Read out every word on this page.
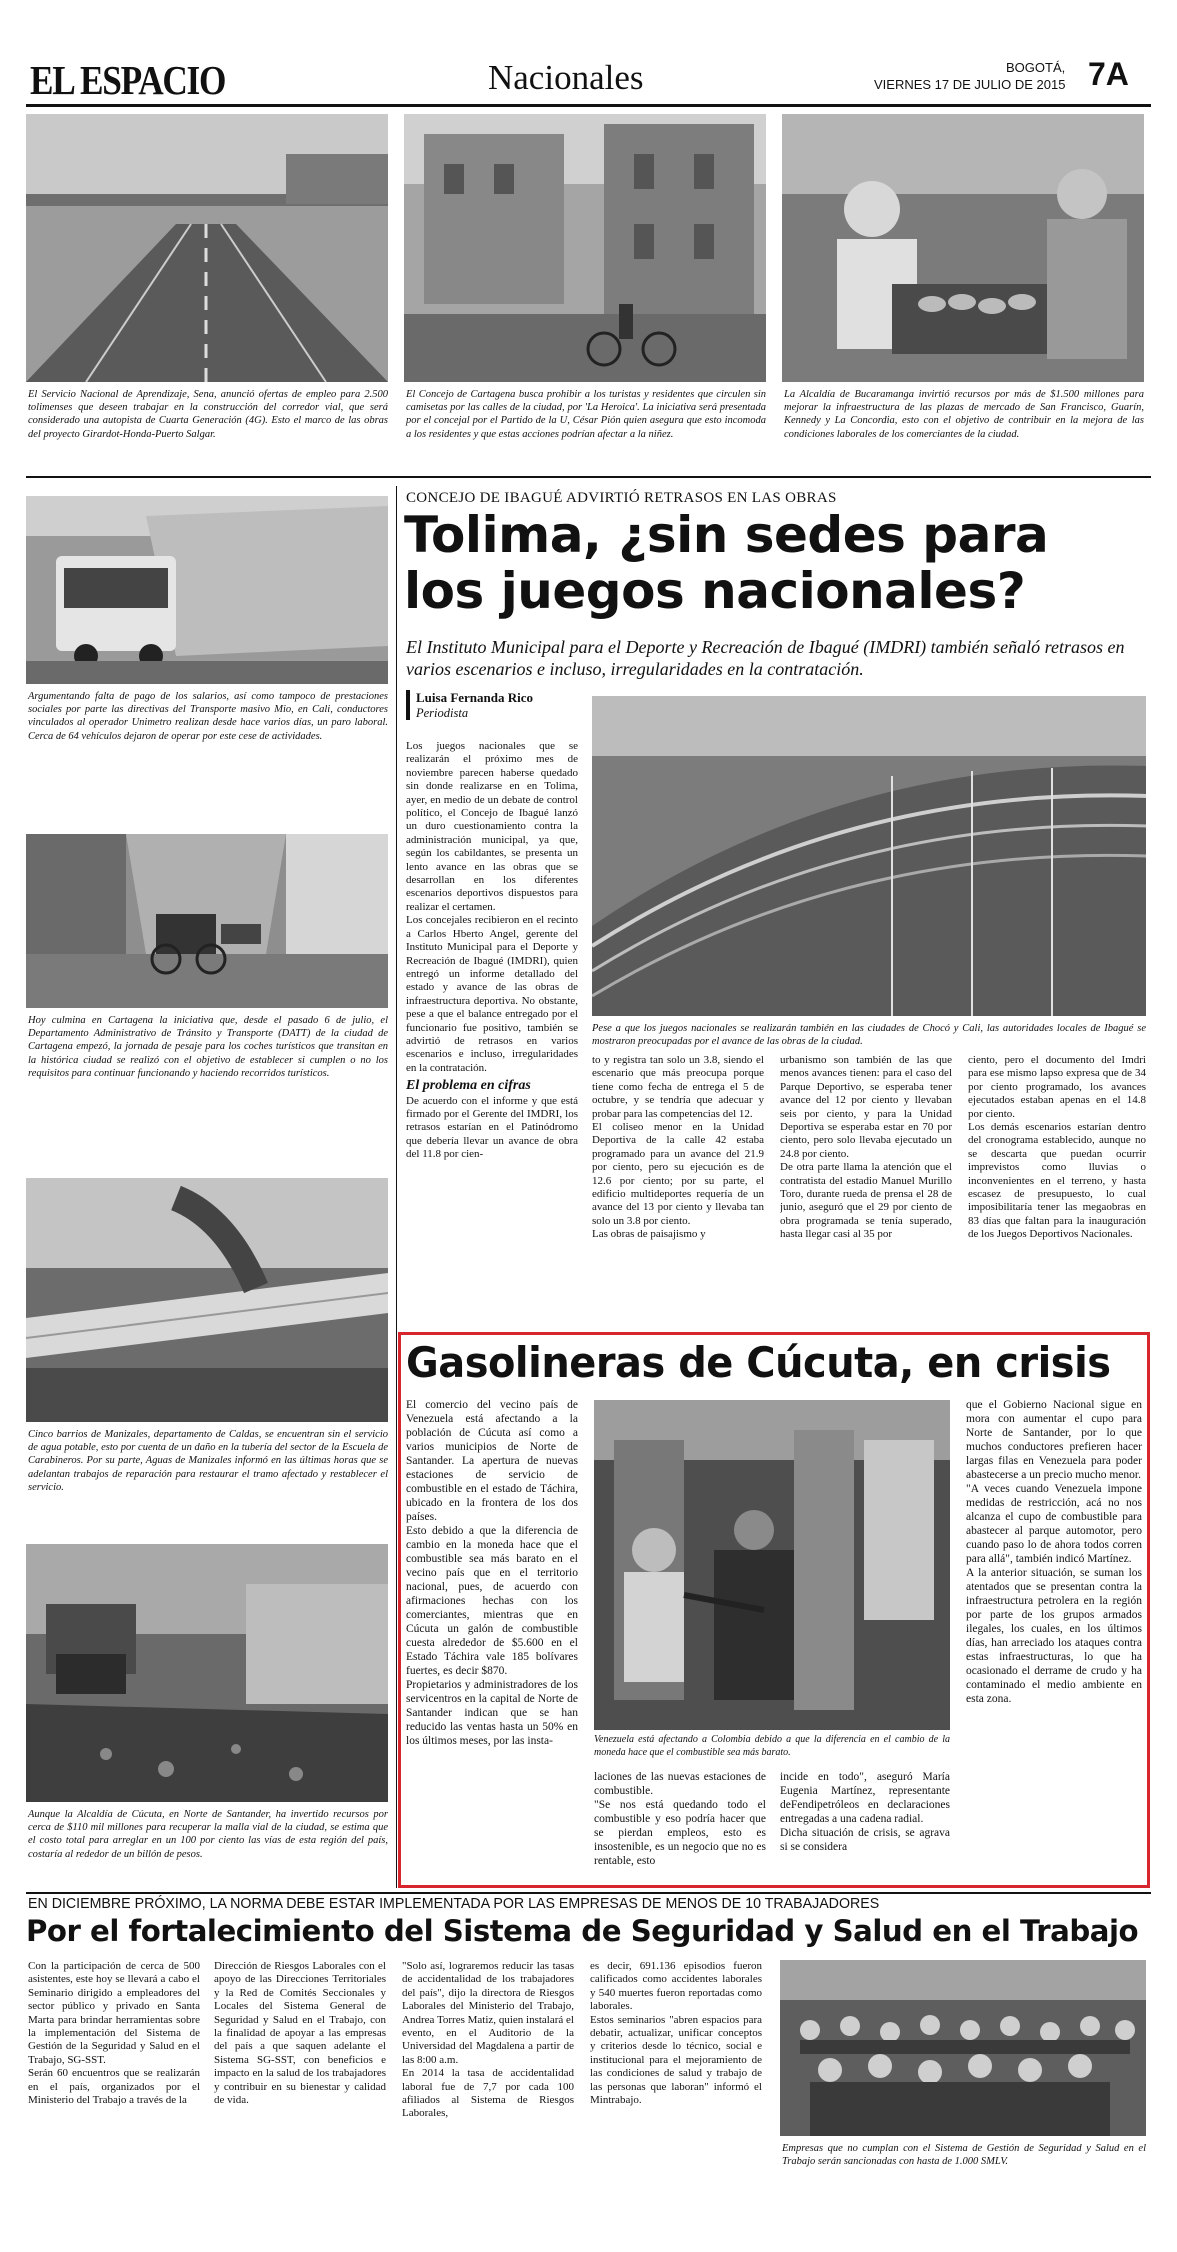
EL ESPACIO	Nacionales	BOGOTÁ,
VIERNES 17 DE JULIO DE 2015 7A
El Servicio Nacional de Aprendizaje, Sena, anunció ofertas de empleo para 2.500 tolimenses que deseen trabajar en la construcción del corredor vial, que será considerado una autopista de Cuarta Generación (4G). Esto el marco de las obras del proyecto Girardot-Honda-Puerto Salgar.
El Concejo de Cartagena busca prohibir a los turistas y residentes que circulen sin camisetas por las calles de la ciudad, por 'La Heroica'. La iniciativa será presentada por el concejal por el Partido de la U, César Pión quien asegura que esto incomoda a los residentes y que estas acciones podrían afectar a la niñez.
La Alcaldía de Bucaramanga invirtió recursos por más de $1.500 millones para mejorar la infraestructura de las plazas de mercado de San Francisco, Guarín, Kennedy y La Concordia, esto con el objetivo de contribuir en la mejora de las condiciones laborales de los comerciantes de la ciudad.
Argumentando falta de pago de los salarios, así como tampoco de prestaciones sociales por parte las directivas del Transporte masivo Mio, en Cali, conductores vinculados al operador Unimetro realizan desde hace varios días, un paro laboral. Cerca de 64 vehículos dejaron de operar por este cese de actividades.
Hoy culmina en Cartagena la iniciativa que, desde el pasado 6 de julio, el Departamento Administrativo de Tránsito y Transporte (DATT) de la ciudad de Cartagena empezó, la jornada de pesaje para los coches turísticos que transitan en la histórica ciudad se realizó con el objetivo de establecer si cumplen o no los requisitos para continuar funcionando y haciendo recorridos turísticos.
Cinco barrios de Manizales, departamento de Caldas, se encuentran sin el servicio de agua potable, esto por cuenta de un daño en la tubería del sector de la Escuela de Carabineros. Por su parte, Aguas de Manizales informó en las últimas horas que se adelantan trabajos de reparación para restaurar el tramo afectado y restablecer el servicio.
Aunque la Alcaldía de Cúcuta, en Norte de Santander, ha invertido recursos por cerca de $110 mil millones para recuperar la malla vial de la ciudad, se estima que el costo total para arreglar en un 100 por ciento las vías de esta región del país, costaría al rededor de un billón de pesos.
CONCEJO DE IBAGUÉ ADVIRTIÓ RETRASOS EN LAS OBRAS
Tolima, ¿sin sedes para
los juegos nacionales?
El Instituto Municipal para el Deporte y Recreación de Ibagué (IMDRI) también señaló retrasos en varios escenarios e incluso, irregularidades en la contratación.
Luisa Fernanda Rico
Periodista
Pese a que los juegos nacionales se realizarán también en las ciudades de Chocó y Cali, las autoridades locales de Ibagué se mostraron preocupadas por el avance de las obras de la ciudad.

Los juegos nacionales que se realizarán el próximo mes de noviembre parecen haberse quedado sin donde realizarse en en Tolima, ayer, en medio de un debate de control político, el Concejo de Ibagué lanzó un duro cuestionamiento contra la administración municipal, ya que, según los cabildantes, se presenta un lento avance en las obras que se desarrollan en los diferentes escenarios deportivos dispuestos para realizar el certamen.

Los concejales recibieron en el recinto a Carlos Hberto Angel, gerente del Instituto Municipal para el Deporte y Recreación de Ibagué (IMDRI), quien entregó un informe detallado del estado y avance de las obras de infraestructura deportiva. No obstante, pese a que el balance entregado por el funcionario fue positivo, también se advirtió de retrasos en varios escenarios e incluso, irregularidades en la contratación.

El problema en cifras

De acuerdo con el informe y que está firmado por el Gerente del IMDRI, los retrasos estarían en el Patinódromo que debería llevar un avance de obra del 11.8 por cien-

to y registra tan solo un 3.8, siendo el escenario que más preocupa porque tiene como fecha de entrega el 5 de octubre, y se tendría que adecuar y probar para las competencias del 12.

El coliseo menor en la Unidad Deportiva de la calle 42 estaba programado para un avance del 21.9 por ciento, pero su ejecución es de 12.6 por ciento; por su parte, el edificio multideportes requería de un avance del 13 por ciento y llevaba tan solo un 3.8 por ciento.

Las obras de paisajismo y

urbanismo son también de las que menos avances tienen: para el caso del Parque Deportivo, se esperaba tener avance del 12 por ciento y llevaban seis por ciento, y para la Unidad Deportiva se esperaba estar en 70 por ciento, pero solo llevaba ejecutado un 24.8 por ciento.

De otra parte llama la atención que el contratista del estadio Manuel Murillo Toro, durante rueda de prensa el 28 de junio, aseguró que el 29 por ciento de obra programada se tenía superado, hasta llegar casi al 35 por

ciento, pero el documento del Imdri para ese mismo lapso expresa que de 34 por ciento programado, los avances ejecutados estaban apenas en el 14.8 por ciento.

Los demás escenarios estarían dentro del cronograma establecido, aunque no se descarta que puedan ocurrir imprevistos como lluvias o inconvenientes en el terreno, y hasta escasez de presupuesto, lo cual imposibilitaría tener las megaobras en 83 días que faltan para la inauguración de los Juegos Deportivos Nacionales.

Gasolineras de Cúcuta, en crisis

El comercio del vecino país de Venezuela está afectando a la población de Cúcuta así como a varios municipios de Norte de Santander. La apertura de nuevas estaciones de servicio de combustible en el estado de Táchira, ubicado en la frontera de los dos países.

Esto debido a que la diferencia de cambio en la moneda hace que el combustible sea más barato en el vecino país que en el territorio nacional, pues, de acuerdo con afirmaciones hechas con los comerciantes, mientras que en Cúcuta un galón de combustible cuesta alrededor de $5.600 en el Estado Táchira vale 185 bolívares fuertes, es decir $870.

Propietarios y administradores de los servicentros en la capital de Norte de Santander indican que se han reducido las ventas hasta un 50% en los últimos meses, por las insta-	Venezuela está afectando a Colombia debido a que la diferencia en el cambio de la moneda hace que el combustible sea más barato.

laciones de las nuevas estaciones de combustible.

"Se nos está quedando todo el combustible y eso podría hacer que se pierdan empleos, esto es insostenible, es un negocio que no es rentable, esto

incide en todo", aseguró María Eugenia Martínez, representante deFendipetróleos en declaraciones entregadas a una cadena radial.

Dicha situación de crisis, se agrava si se considera

que el Gobierno Nacional sigue en mora con aumentar el cupo para Norte de Santander, por lo que muchos conductores prefieren hacer largas filas en Venezuela para poder abastecerse a un precio mucho menor.

"A veces cuando Venezuela impone medidas de restricción, acá no nos alcanza el cupo de combustible para abastecer al parque automotor, pero cuando paso lo de ahora todos corren para allá", también indicó Martínez.

A la anterior situación, se suman los atentados que se presentan contra la infraestructura petrolera en la región por parte de los grupos armados ilegales, los cuales, en los últimos días, han arreciado los ataques contra estas infraestructuras, lo que ha ocasionado el derrame de crudo y ha contaminado el medio ambiente en esta zona.

EN DICIEMBRE PRÓXIMO, LA NORMA DEBE ESTAR IMPLEMENTADA POR LAS EMPRESAS DE MENOS DE 10 TRABAJADORES
Por el fortalecimiento del Sistema de Seguridad y Salud en el Trabajo

Con la participación de cerca de 500 asistentes, este hoy se llevará a cabo el Seminario dirigido a empleadores del sector público y privado en Santa Marta para brindar herramientas sobre la implementación del Sistema de Gestión de la Seguridad y Salud en el Trabajo, SG-SST.

Serán 60 encuentros que se realizarán en el país, organizados por el Ministerio del Trabajo a través de la

Dirección de Riesgos Laborales con el apoyo de las Direcciones Territoriales y la Red de Comités Seccionales y Locales del Sistema General de Seguridad y Salud en el Trabajo, con la finalidad de apoyar a las empresas del país a que saquen adelante el Sistema SG-SST, con beneficios e impacto en la salud de los trabajadores y contribuir en su bienestar y calidad de vida.

"Solo así, lograremos reducir las tasas de accidentalidad de los trabajadores del país", dijo la directora de Riesgos Laborales del Ministerio del Trabajo, Andrea Torres Matiz, quien instalará el evento, en el Auditorio de la Universidad del Magdalena a partir de las 8:00 a.m.

En 2014 la tasa de accidentalidad laboral fue de 7,7 por cada 100 afiliados al Sistema de Riesgos Laborales,

es decir, 691.136 episodios fueron calificados como accidentes laborales y 540 muertes fueron reportadas como laborales.

Estos seminarios "abren espacios para debatir, actualizar, unificar conceptos y criterios desde lo técnico, social e institucional para el mejoramiento de las condiciones de salud y trabajo de las personas que laboran" informó el Mintrabajo.

Empresas que no cumplan con el Sistema de Gestión de Seguridad y Salud en el Trabajo serán sancionadas con hasta de 1.000 SMLV.
